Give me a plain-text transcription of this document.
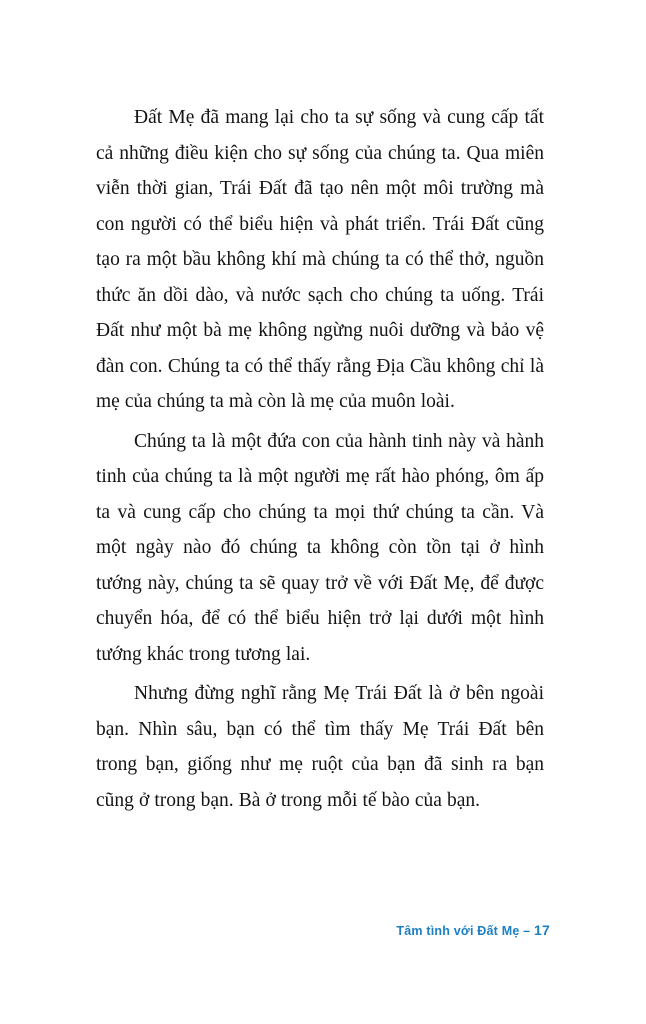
Đất Mẹ đã mang lại cho ta sự sống và cung cấp tất cả những điều kiện cho sự sống của chúng ta. Qua miên viễn thời gian, Trái Đất đã tạo nên một môi trường mà con người có thể biểu hiện và phát triển. Trái Đất cũng tạo ra một bầu không khí mà chúng ta có thể thở, nguồn thức ăn dồi dào, và nước sạch cho chúng ta uống. Trái Đất như một bà mẹ không ngừng nuôi dưỡng và bảo vệ đàn con. Chúng ta có thể thấy rằng Địa Cầu không chỉ là mẹ của chúng ta mà còn là mẹ của muôn loài.

Chúng ta là một đứa con của hành tinh này và hành tinh của chúng ta là một người mẹ rất hào phóng, ôm ấp ta và cung cấp cho chúng ta mọi thứ chúng ta cần. Và một ngày nào đó chúng ta không còn tồn tại ở hình tướng này, chúng ta sẽ quay trở về với Đất Mẹ, để được chuyển hóa, để có thể biểu hiện trở lại dưới một hình tướng khác trong tương lai.

Nhưng đừng nghĩ rằng Mẹ Trái Đất là ở bên ngoài bạn. Nhìn sâu, bạn có thể tìm thấy Mẹ Trái Đất bên trong bạn, giống như mẹ ruột của bạn đã sinh ra bạn cũng ở trong bạn. Bà ở trong mỗi tế bào của bạn.

Tâm tình với Đất Mẹ – 17
